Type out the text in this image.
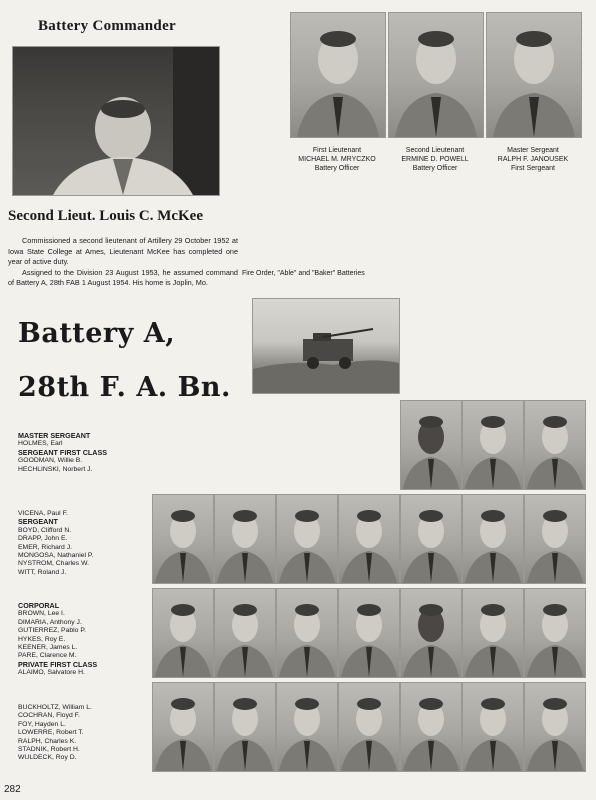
Battery Commander
Second Lieut. Louis C. McKee

Commissioned a second lieutenant of Artillery 29 October 1952 at Iowa State College at Ames, Lieutenant McKee has completed one year of active duty.

Assigned to the Division 23 August 1953, he assumed command of Battery A, 28th FAB 1 August 1954. His home is Joplin, Mo.

First Lieutenant
MICHAEL M. MRYCZKO
Battery Officer
Second Lieutenant
ERMINE D. POWELL
Battery Officer
Master Sergeant
RALPH F. JANOUSEK
First Sergeant
Fire Order, "Able" and "Baker" Batteries
Battery A,
28th F. A. Bn.
MASTER SERGEANT
HOLMES, Earl
SERGEANT FIRST CLASS
GOODMAN, Willie B.
HECHLINSKI, Norbert J.
VICENA, Paul F.
SERGEANT
BOYD, Clifford N.
DRAPP, John E.
EMER, Richard J.
MONGOSA, Nathaniel P.
NYSTROM, Charles W.
WITT, Roland J.
CORPORAL
BROWN, Lee I.
DIMARIA, Anthony J.
GUTIERREZ, Pablo P.
HYKES, Roy E.
KEENER, James L.
PARE, Clarence M.
PRIVATE FIRST CLASS
ALAIMO, Salvatore H.
BUCKHOLTZ, William L.
COCHRAN, Floyd F.
FOY, Hayden L.
LOWERRE, Robert T.
RALPH, Charles K.
STADNIK, Robert H.
WULDECK, Roy D.
282
